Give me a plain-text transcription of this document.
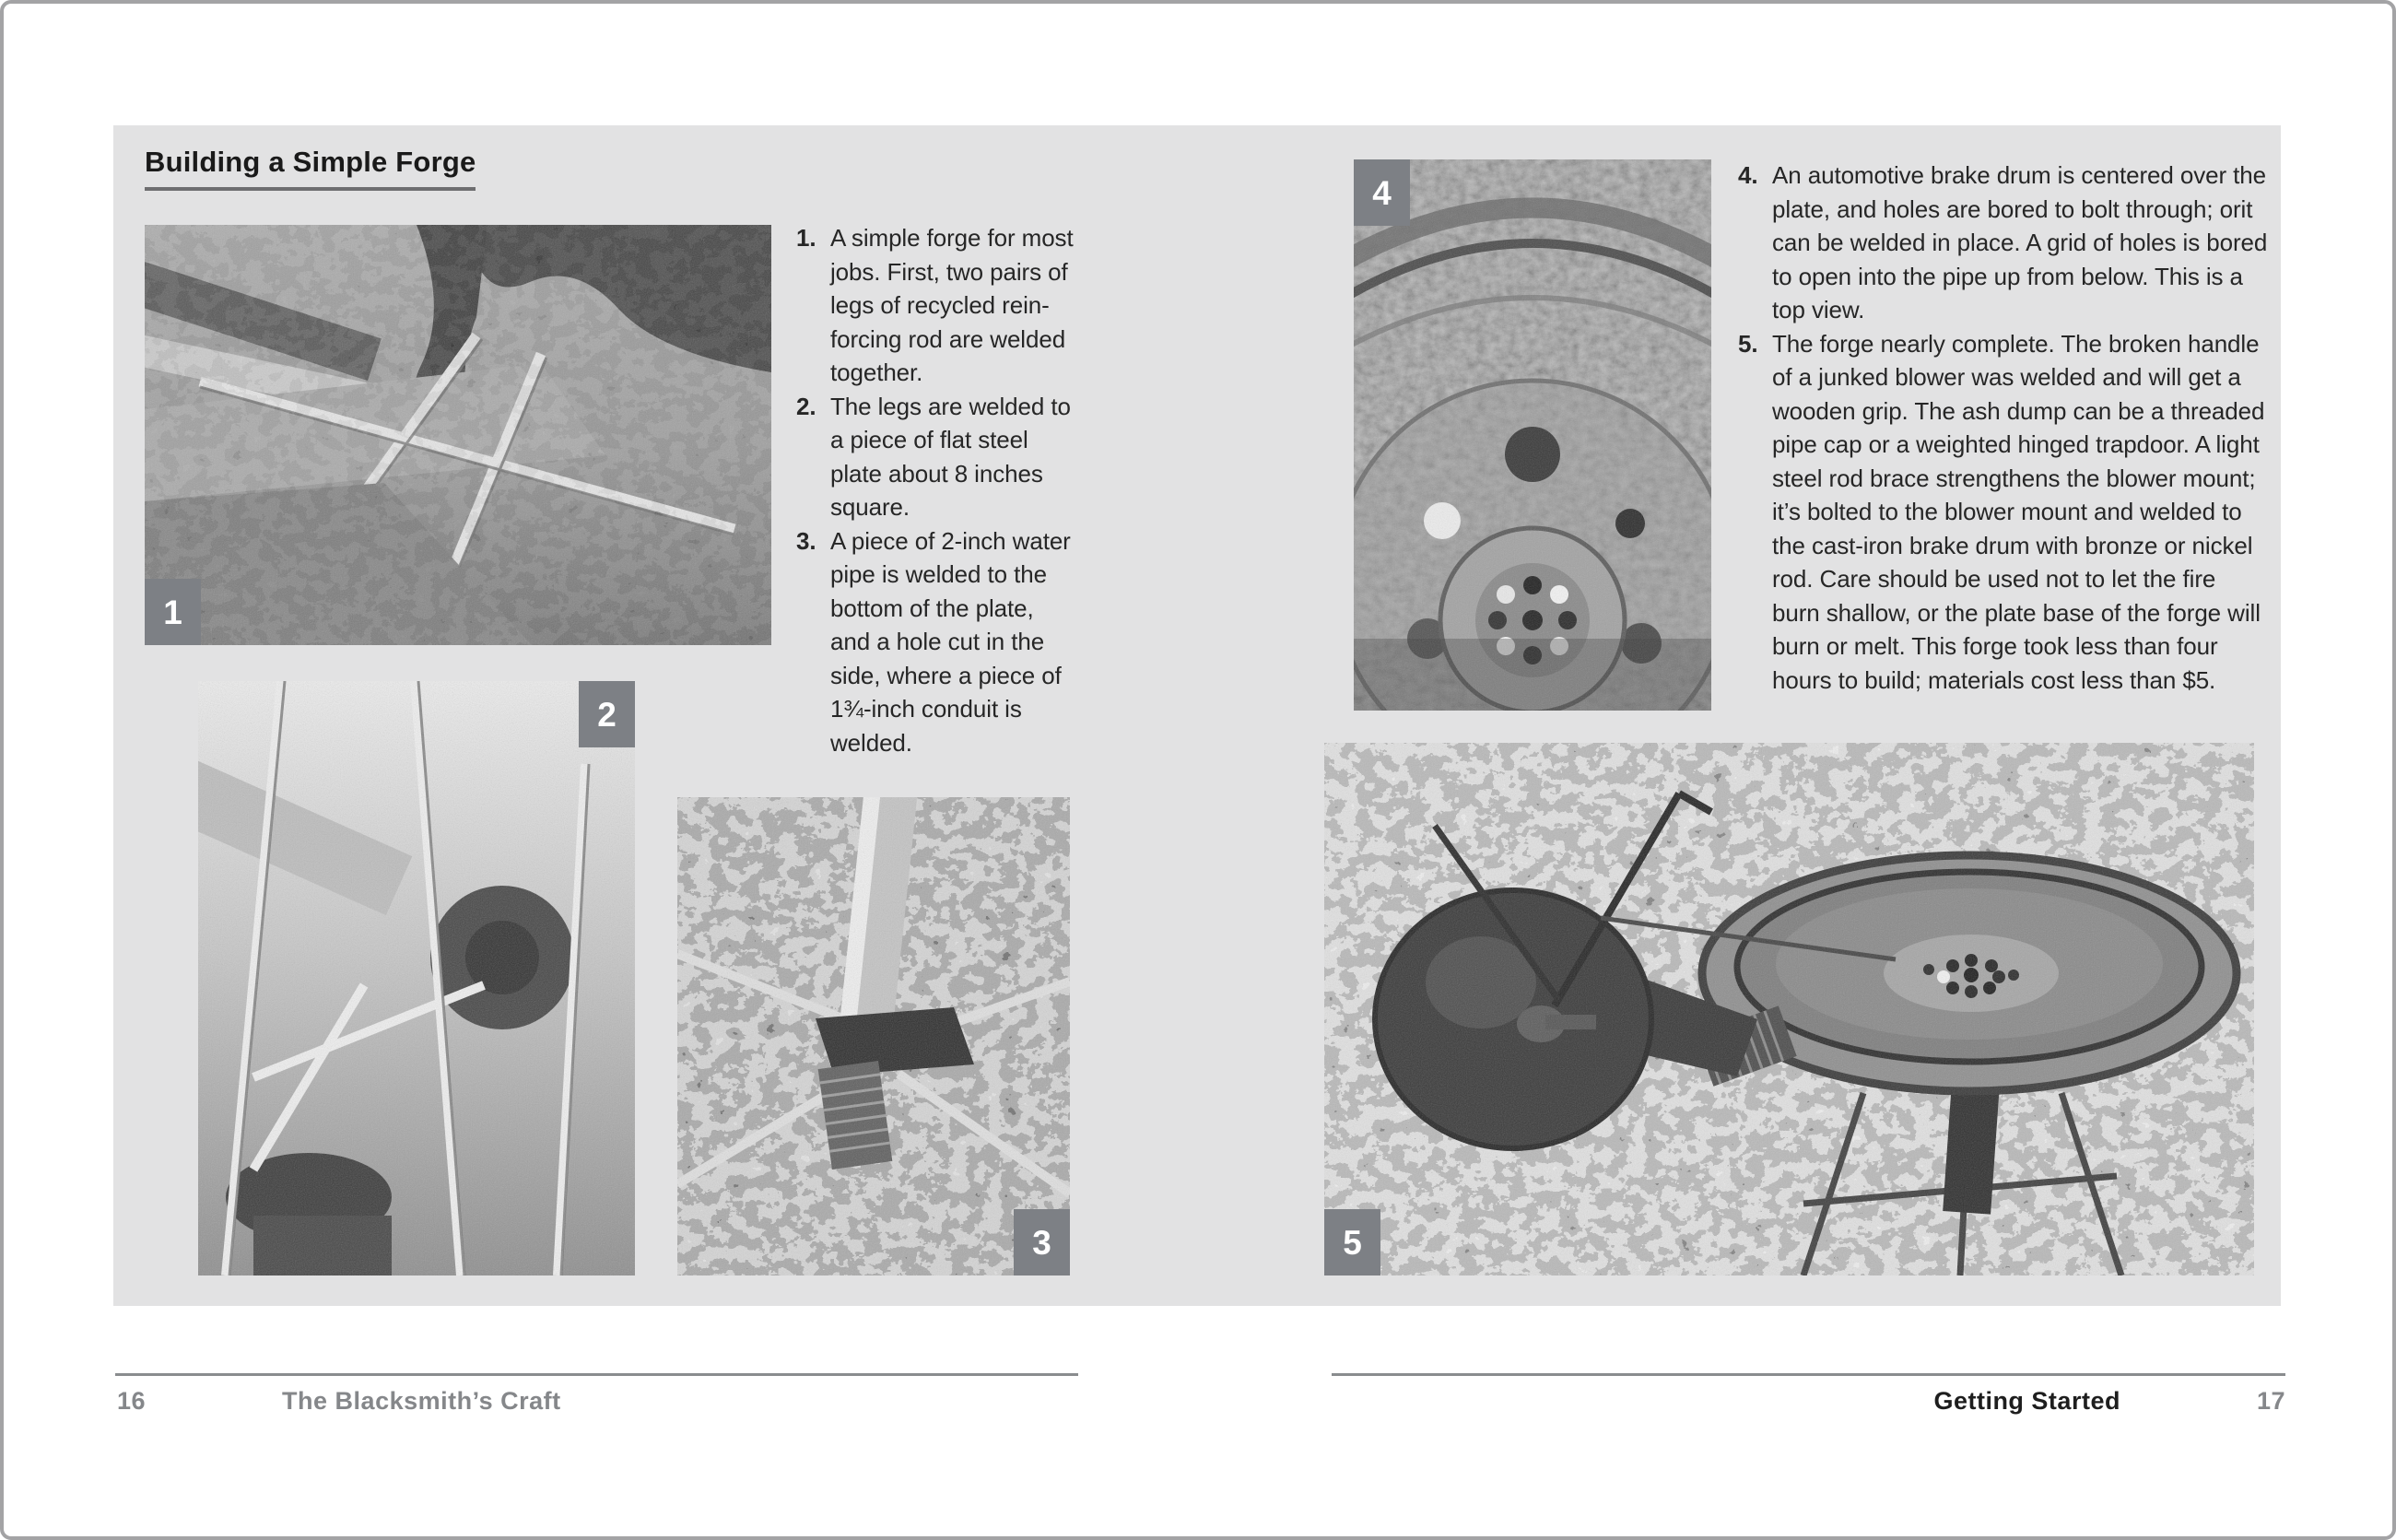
Building a Simple Forge
1
1. A simple forge for most jobs. First, two pairs of legs of recycled rein-forcing rod are welded together.
2. The legs are welded to a piece of flat steel plate about 8 inches square.
3. A piece of 2-inch water pipe is welded to the bottom of the plate, and a hole cut in the side, where a piece of 1¾-inch conduit is welded.
2
3
4	4. An automotive brake drum is centered over the plate, and holes are bored to bolt through; orit can be welded in place. A grid of holes is bored to open into the pipe up from below. This is a top view.
5. The forge nearly complete. The broken handle of a junked blower was welded and will get a wooden grip. The ash dump can be a threaded pipe cap or a weighted hinged trapdoor. A light steel rod brace strengthens the blower mount; it’s bolted to the blower mount and welded to the cast-iron brake drum with bronze or nickel rod. Care should be used not to let the fire burn shallow, or the plate base of the forge will burn or melt. This forge took less than four hours to build; materials cost less than $5.
5
16	The Blacksmith’s Craft	Getting Started	17
